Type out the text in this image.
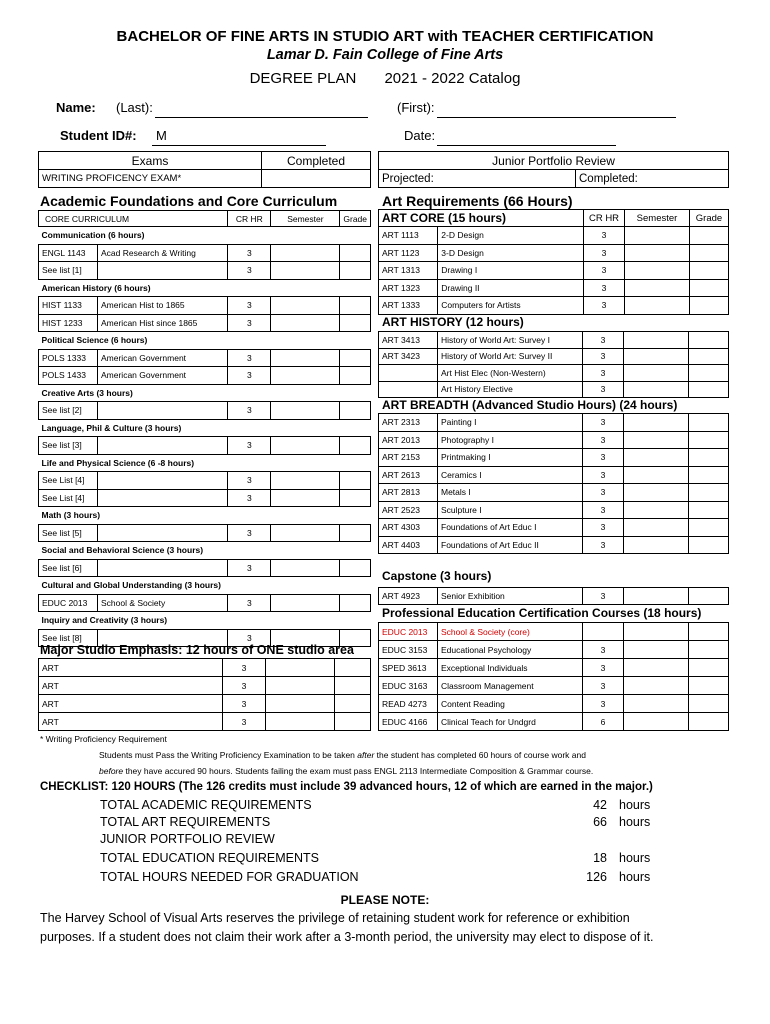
BACHELOR OF FINE ARTS IN STUDIO ART with TEACHER CERTIFICATION
Lamar D. Fain College of Fine Arts
DEGREE PLAN 2021 - 2022 Catalog
Name: (Last):	(First):
Student ID#: M	Date:
Exams	Completed
WRITING PROFICENCY EXAM*	
Junior Portfolio Review
Projected:	Completed:
Academic Foundations and Core Curriculum
CORE CURRICULUM		CR HR	Semester	Grade
Communication (6 hours)				
ENGL 1143	Acad Research & Writing	3		
See list [1]		3		
American History (6 hours)				
HIST 1133	American Hist to 1865	3		
HIST 1233	American Hist since 1865	3		
Political Science (6 hours)				
POLS 1333	American Government	3		
POLS 1433	American Government	3		
Creative Arts (3 hours)				
See list [2]		3		
Language, Phil & Culture (3 hours)				
See list [3]		3		
Life and Physical Science (6 -8 hours)				
See List [4]		3		
See List [4]		3		
Math (3 hours)				
See list [5]		3		
Social and Behavioral Science (3 hours)				
See list [6]		3		
Cultural and Global Understanding (3 hours)				
EDUC 2013	School & Society	3		
Inquiry and Creativity (3 hours)				
See list [8]		3		
Major Studio Emphasis: 12 hours of ONE studio area
ART	3		
ART	3		
ART	3		
ART	3		
Art Requirements (66 Hours)
ART CORE (15 hours)		CR HR	Semester	Grade
ART 1113	2-D Design	3		
ART 1123	3-D Design	3		
ART 1313	Drawing I	3		
ART 1323	Drawing II	3		
ART 1333	Computers for Artists	3		
ART HISTORY (12 hours)
ART 3413	History of World Art: Survey I	3		
ART 3423	History of World Art: Survey II	3		
	Art Hist Elec (Non-Western)	3		
	Art History Elective	3		
ART BREADTH (Advanced Studio Hours) (24 hours)
ART 2313	Painting I	3		
ART 2013	Photography I	3		
ART 2153	Printmaking I	3		
ART 2613	Ceramics I	3		
ART 2813	Metals I	3		
ART 2523	Sculpture I	3		
ART 4303	Foundations of Art Educ I	3		
ART 4403	Foundations of Art Educ II	3		
Capstone (3 hours)
ART 4923	Senior Exhibition	3		
Professional Education Certification Courses (18 hours)
EDUC 2013	School & Society (core)			
EDUC 3153	Educational Psychology	3		
SPED 3613	Exceptional Individuals	3		
EDUC 3163	Classroom Management	3		
READ 4273	Content Reading	3		
EDUC 4166	Clinical Teach for Undgrd	6		
* Writing Proficiency Requirement
Students must Pass the Writing Proficiency Examination to be taken after the student has completed 60 hours of course work and
before they have accured 90 hours. Students failing the exam must pass ENGL 2113 Intermediate Composition & Grammar course.
CHECKLIST: 120 HOURS (The 126 credits must include 39 advanced hours, 12 of which are earned in the major.)
TOTAL ACADEMIC REQUIREMENTS	42 hours
TOTAL ART REQUIREMENTS	66 hours
JUNIOR PORTFOLIO REVIEW
TOTAL EDUCATION REQUIREMENTS	18 hours
TOTAL HOURS NEEDED FOR GRADUATION	126 hours
PLEASE NOTE:
The Harvey School of Visual Arts reserves the privilege of retaining student work for reference or exhibition
purposes. If a student does not claim their work after a 3-month period, the university may elect to dispose of it.
